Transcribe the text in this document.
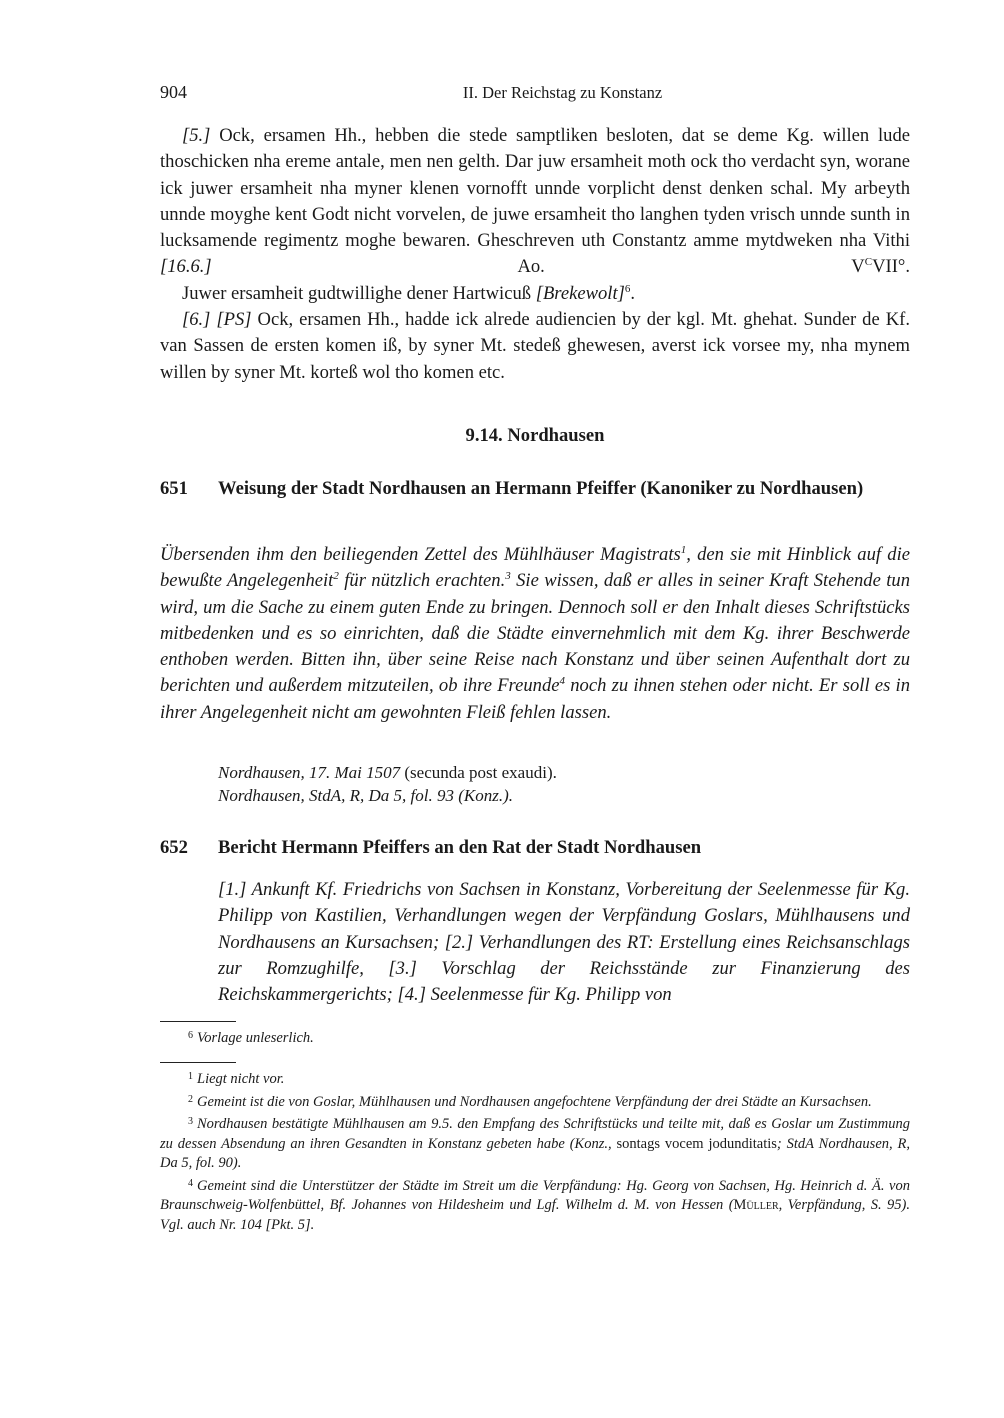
904	II. Der Reichstag zu Konstanz

[5.] Ock, ersamen Hh., hebben die stede samptliken besloten, dat se deme Kg. willen lude thoschicken nha ereme antale, men nen gelth. Dar juw ersamheit moth ock tho verdacht syn, worane ick juwer ersamheit nha myner klenen vornofft unnde vorplicht denst denken schal. My arbeyth unnde moyghe kent Godt nicht vorvelen, de juwe ersamheit tho langhen tyden vrisch unnde sunth in lucksamende regimentz moghe bewaren. Gheschreven uth Constantz amme mytdweken nha Vithi [16.6.] Ao. $V^CVII^\circ$.

Juwer ersamheit gudtwillighe dener Hartwicuß [Brekewolt]$^6$.

[6.] [PS] Ock, ersamen Hh., hadde ick alrede audiencien by der kgl. Mt. ghehat. Sunder de Kf. van Sassen de ersten komen iß, by syner Mt. stedeß ghewesen, averst ick vorsee my, nha mynem willen by syner Mt. korteß wol tho komen etc.

9.14. Nordhausen
651 Weisung der Stadt Nordhausen an Hermann Pfeiffer (Kanoniker zu Nordhausen)
Übersenden ihm den beiliegenden Zettel des Mühlhäuser Magistrats$^1$, den sie mit Hinblick auf die bewußte Angelegenheit$^2$ für nützlich erachten.$^3$ Sie wissen, daß er alles in seiner Kraft Stehende tun wird, um die Sache zu einem guten Ende zu bringen. Dennoch soll er den Inhalt dieses Schriftstücks mitbedenken und es so einrichten, daß die Städte einvernehmlich mit dem Kg. ihrer Beschwerde enthoben werden. Bitten ihn, über seine Reise nach Konstanz und über seinen Aufenthalt dort zu berichten und außerdem mitzuteilen, ob ihre Freunde$^4$ noch zu ihnen stehen oder nicht. Er soll es in ihrer Angelegenheit nicht am gewohnten Fleiß fehlen lassen.
Nordhausen, 17. Mai 1507 (secunda post exaudi).
Nordhausen, StdA, R, Da 5, fol. 93 (Konz.).
652 Bericht Hermann Pfeiffers an den Rat der Stadt Nordhausen
[1.] Ankunft Kf. Friedrichs von Sachsen in Konstanz, Vorbereitung der Seelenmesse für Kg. Philipp von Kastilien, Verhandlungen wegen der Verpfändung Goslars, Mühlhausens und Nordhausens an Kursachsen; [2.] Verhandlungen des RT: Erstellung eines Reichsanschlags zur Romzughilfe, [3.] Vorschlag der Reichsstände zur Finanzierung des Reichskammergerichts; [4.] Seelenmesse für Kg. Philipp von

$^6$ Vorlage unleserlich.

$^1$ Liegt nicht vor.

$^2$ Gemeint ist die von Goslar, Mühlhausen und Nordhausen angefochtene Verpfändung der drei Städte an Kursachsen.

$^3$ Nordhausen bestätigte Mühlhausen am 9.5. den Empfang des Schriftstücks und teilte mit, daß es Goslar um Zustimmung zu dessen Absendung an ihren Gesandten in Konstanz gebeten habe (Konz., sontags vocem jodunditatis; StdA Nordhausen, R, Da 5, fol. 90).

$^4$ Gemeint sind die Unterstützer der Städte im Streit um die Verpfändung: Hg. Georg von Sachsen, Hg. Heinrich d. Ä. von Braunschweig-Wolfenbüttel, Bf. Johannes von Hildesheim und Lgf. Wilhelm d. M. von Hessen (Müller, Verpfändung, S. 95). Vgl. auch Nr. 104 [Pkt. 5].
